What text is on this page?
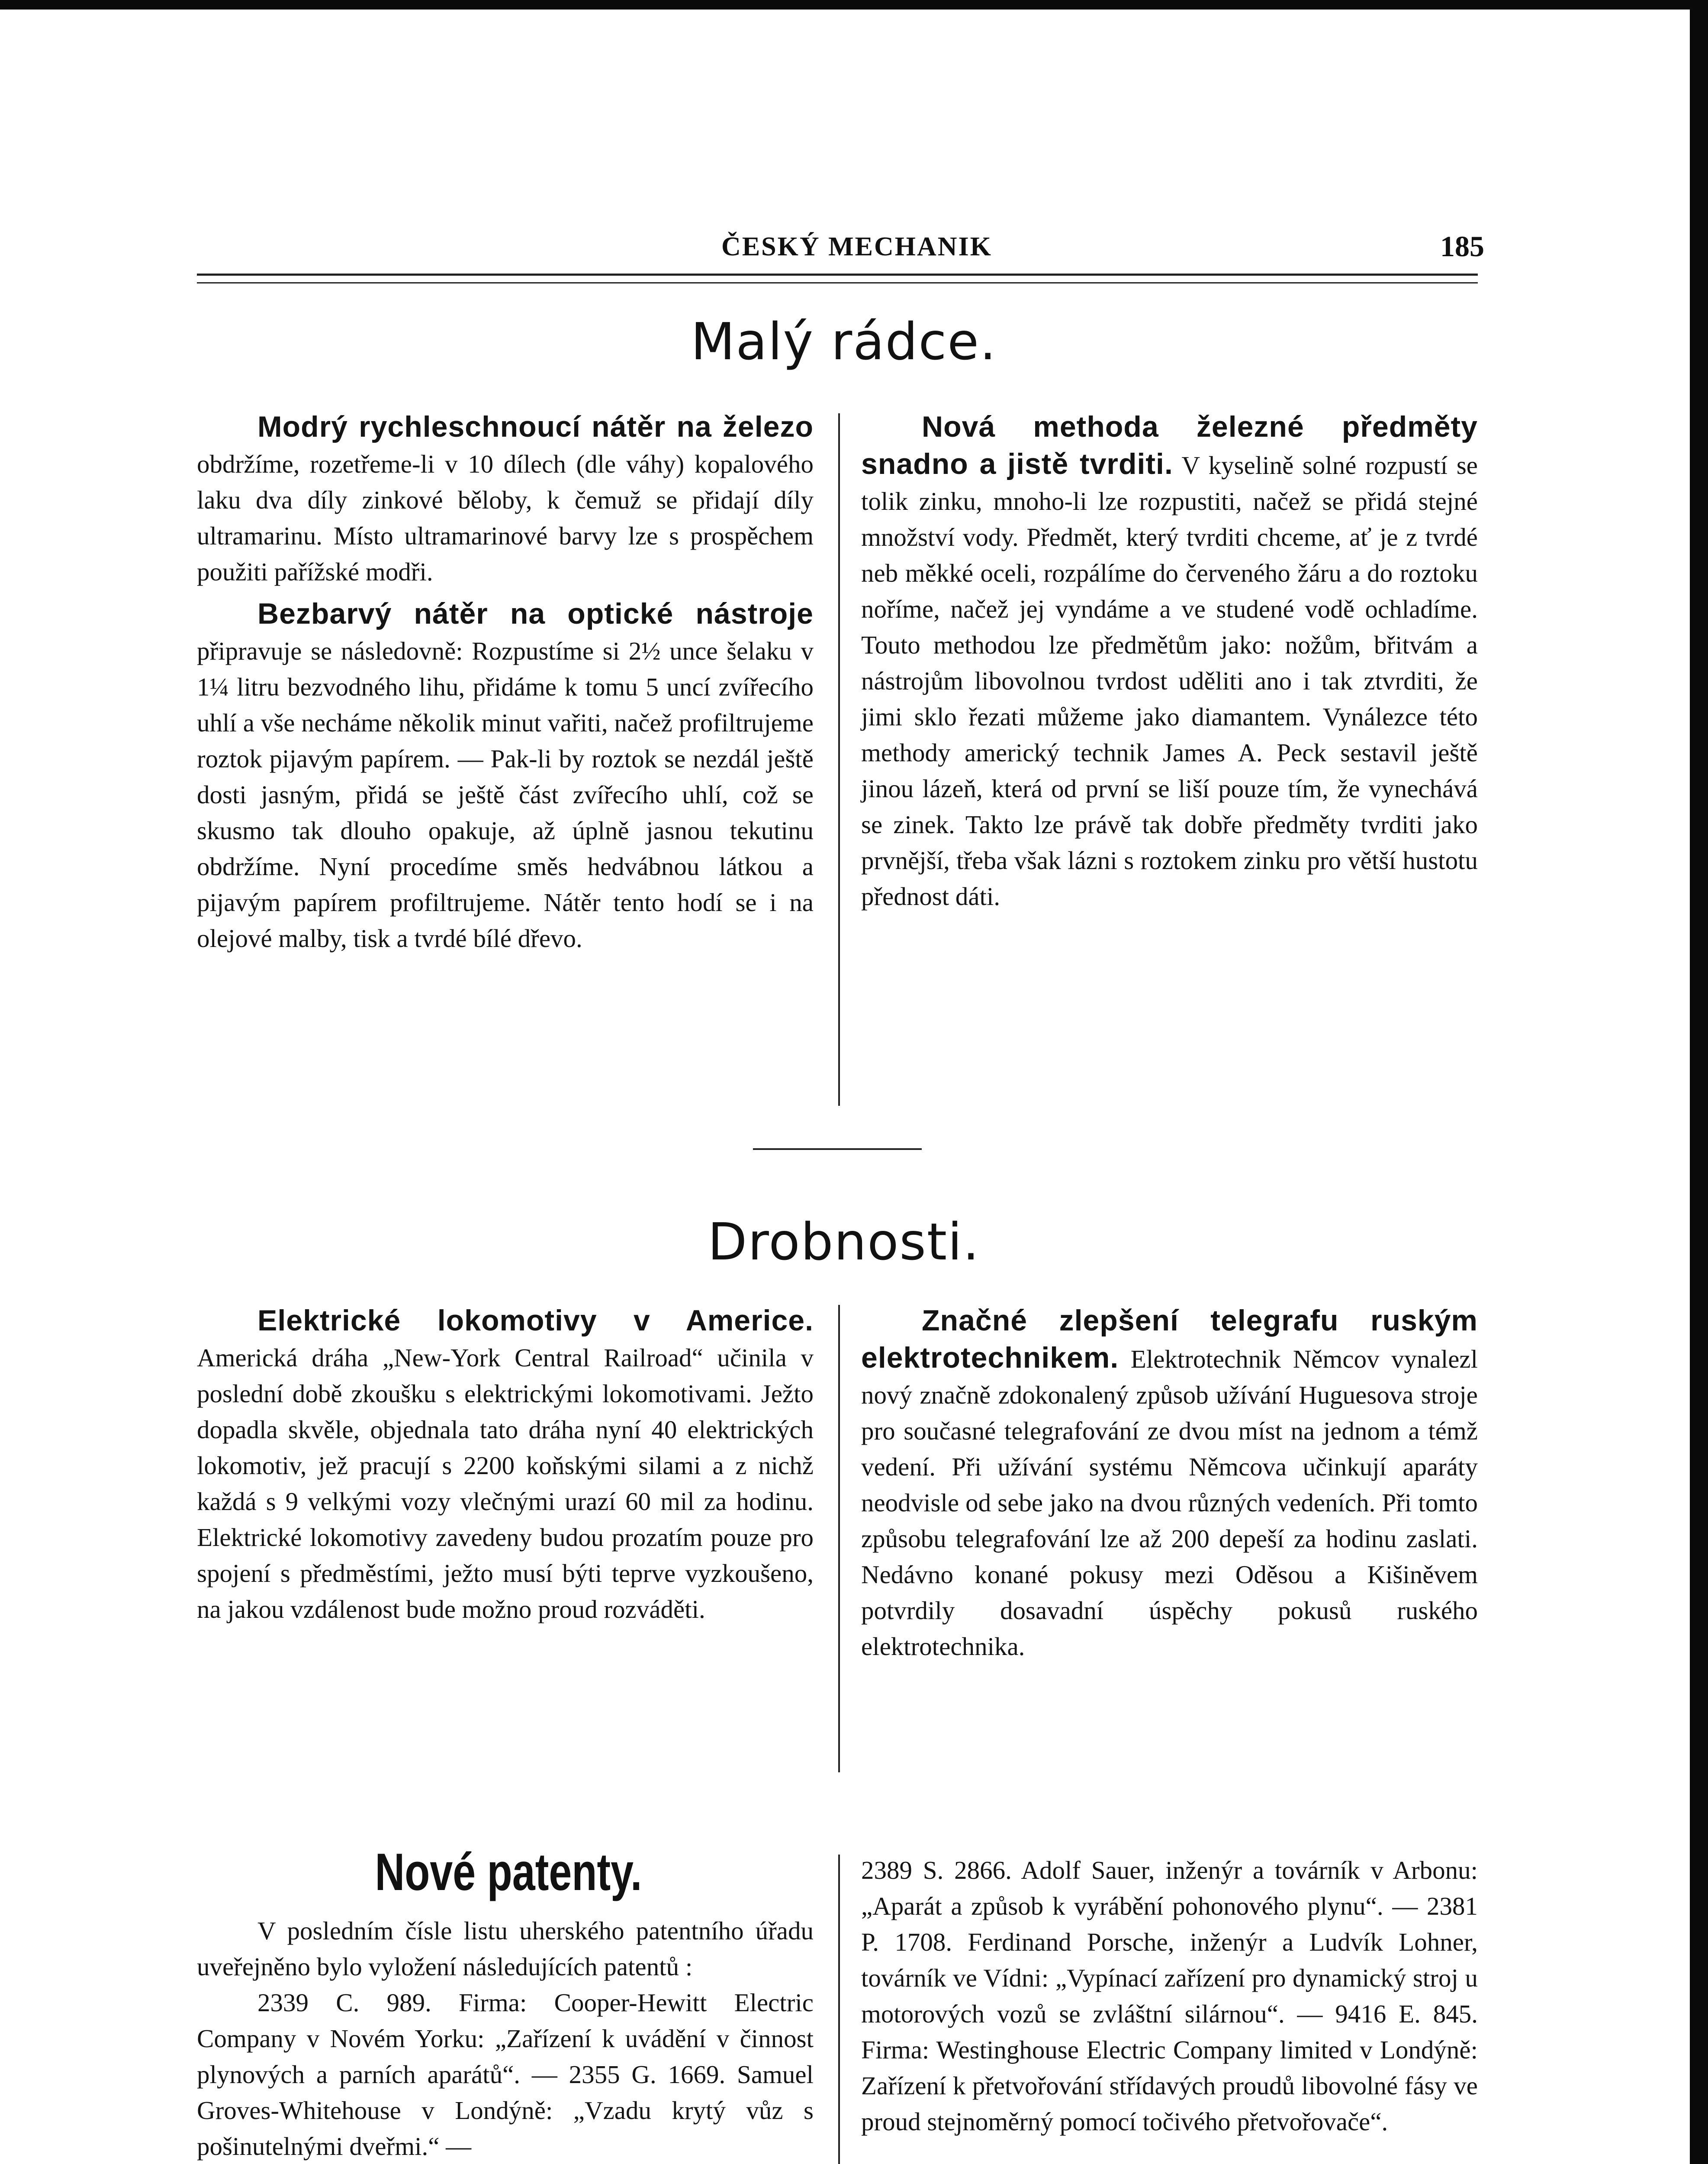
ČESKÝ MECHANIK	185
Malý rádce.

Modrý rychleschnoucí nátěr na železo obdržíme, rozetřeme-li v 10 dílech (dle váhy) kopalového laku dva díly zinkové běloby, k čemuž se přidají díly ultramarinu. Místo ultramarinové barvy lze s prospěchem použiti pařížské modři.

Bezbarvý nátěr na optické nástroje připravuje se následovně: Rozpustíme si 2½ unce šelaku v 1¼ litru bezvodného lihu, přidáme k tomu 5 uncí zvířecího uhlí a vše necháme několik minut vařiti, načež profiltrujeme roztok pijavým papírem. — Pak-li by roztok se nezdál ještě dosti jasným, přidá se ještě část zvířecího uhlí, což se skusmo tak dlouho opakuje, až úplně jasnou tekutinu obdržíme. Nyní procedíme směs hedvábnou látkou a pijavým papírem profiltrujeme. Nátěr tento hodí se i na olejové malby, tisk a tvrdé bílé dřevo.

Nová methoda železné předměty snadno a jistě tvrditi. V kyselině solné rozpustí se tolik zinku, mnoho-li lze rozpustiti, načež se přidá stejné množství vody. Předmět, který tvrditi chceme, ať je z tvrdé neb měkké oceli, rozpálíme do červeného žáru a do roztoku noříme, načež jej vyndáme a ve studené vodě ochladíme. Touto methodou lze předmětům jako: nožům, břitvám a nástrojům libovolnou tvrdost uděliti ano i tak ztvrditi, že jimi sklo řezati můžeme jako diamantem. Vynálezce této methody americký technik James A. Peck sestavil ještě jinou lázeň, která od první se liší pouze tím, že vynechává se zinek. Takto lze právě tak dobře předměty tvrditi jako prvnější, třeba však lázni s roztokem zinku pro větší hustotu přednost dáti.

Drobnosti.

Elektrické lokomotivy v Americe. Americká dráha „New-York Central Railroad“ učinila v poslední době zkoušku s elektrickými lokomotivami. Ježto dopadla skvěle, objednala tato dráha nyní 40 elektrických lokomotiv, jež pracují s 2200 koňskými silami a z nichž každá s 9 velkými vozy vlečnými urazí 60 mil za hodinu. Elektrické lokomotivy zavedeny budou prozatím pouze pro spojení s předměstími, ježto musí býti teprve vyzkoušeno, na jakou vzdálenost bude možno proud rozváděti.

Značné zlepšení telegrafu ruským elektrotechnikem. Elektrotechnik Němcov vynalezl nový značně zdokonalený způsob užívání Huguesova stroje pro současné telegrafování ze dvou míst na jednom a témž vedení. Při užívání systému Němcova učinkují aparáty neodvisle od sebe jako na dvou různých vedeních. Při tomto způsobu telegrafování lze až 200 depeší za hodinu zaslati. Nedávno konané pokusy mezi Oděsou a Kišiněvem potvrdily dosavadní úspěchy pokusů ruského elektrotechnika.

Nové patenty.

V posledním čísle listu uherského patentního úřadu uveřejněno bylo vyložení následujících patentů :

2339 C. 989. Firma: Cooper-Hewitt Electric Company v Novém Yorku: „Zařízení k uvádění v činnost plynových a parních aparátů“. — 2355 G. 1669. Samuel Groves-Whitehouse v Londýně: „Vzadu krytý vůz s pošinutelnými dveřmi.“ —

2389 S. 2866. Adolf Sauer, inženýr a továrník v Arbonu: „Aparát a způsob k vyrábění pohonového plynu“. — 2381 P. 1708. Ferdinand Porsche, inženýr a Ludvík Lohner, továrník ve Vídni: „Vypínací zařízení pro dynamický stroj u motorových vozů se zvláštní silárnou“. — 9416 E. 845. Firma: Westinghouse Electric Company limited v Londýně: Zařízení k přetvořování střídavých proudů libovolné fásy ve proud stejnoměrný pomocí točivého přetvořovače“.
